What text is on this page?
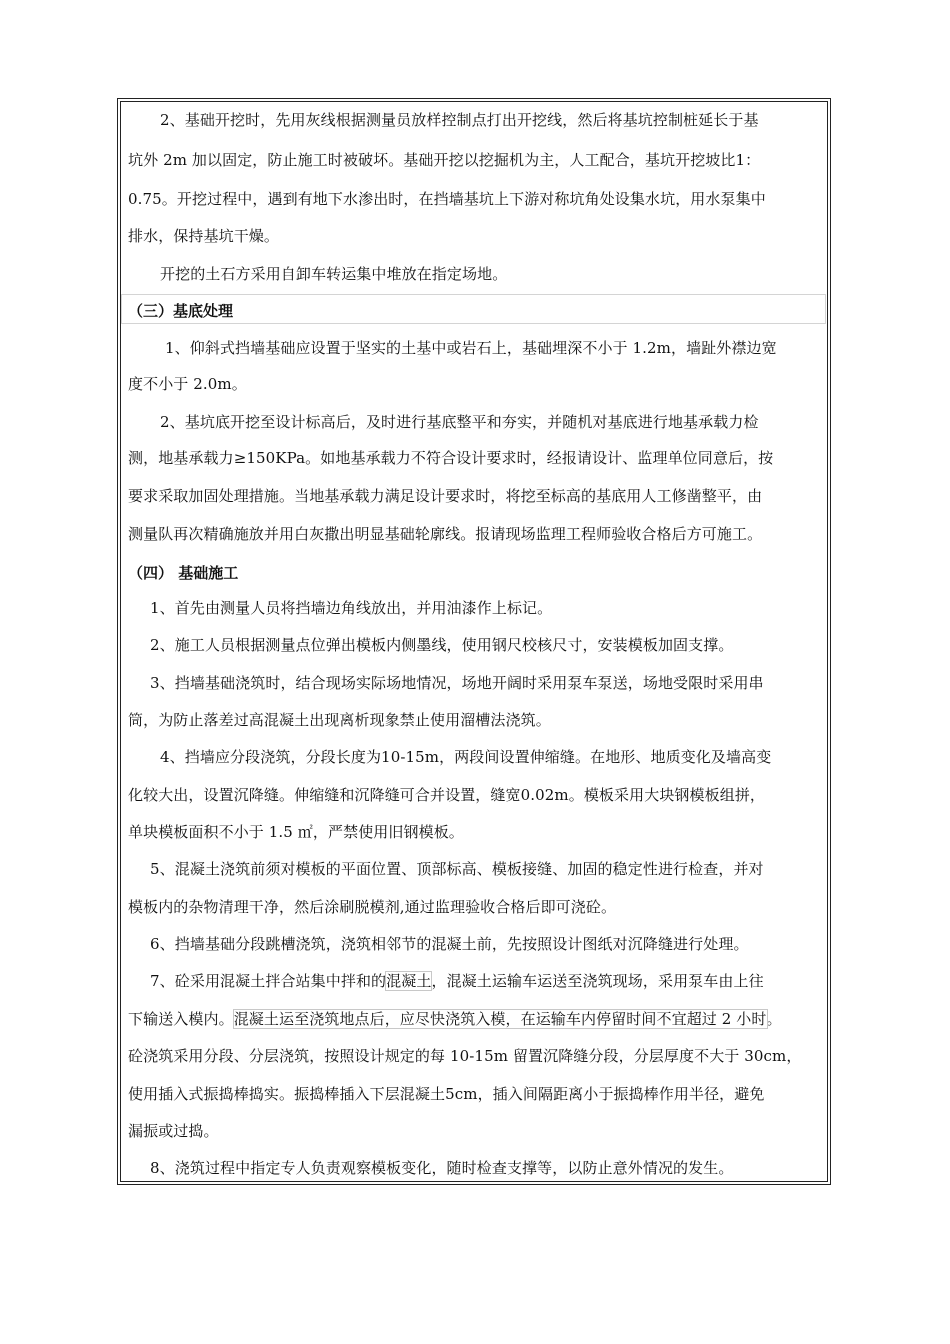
2、基础开挖时，先用灰线根据测量员放样控制点打出开挖线，然后将基坑控制桩延长于基
坑外 2m 加以固定，防止施工时被破坏。基础开挖以挖掘机为主，人工配合，基坑开挖坡比1：
0.75。开挖过程中，遇到有地下水渗出时，在挡墙基坑上下游对称坑角处设集水坑，用水泵集中
排水，保持基坑干燥。
开挖的土石方采用自卸车转运集中堆放在指定场地。
（三）基底处理
1、仰斜式挡墙基础应设置于坚实的土基中或岩石上，基础埋深不小于 1.2m，墙趾外襟边宽
度不小于 2.0m。
2、基坑底开挖至设计标高后，及时进行基底整平和夯实，并随机对基底进行地基承载力检
测，地基承载力≥150KPa。如地基承载力不符合设计要求时，经报请设计、监理单位同意后，按
要求采取加固处理措施。当地基承载力满足设计要求时，将挖至标高的基底用人工修凿整平，由
测量队再次精确施放并用白灰撒出明显基础轮廓线。报请现场监理工程师验收合格后方可施工。
（四） 基础施工
1、首先由测量人员将挡墙边角线放出，并用油漆作上标记。
2、施工人员根据测量点位弹出模板内侧墨线，使用钢尺校核尺寸，安装模板加固支撑。
3、挡墙基础浇筑时，结合现场实际场地情况，场地开阔时采用泵车泵送，场地受限时采用串
筒，为防止落差过高混凝土出现离析现象禁止使用溜槽法浇筑。
4、挡墙应分段浇筑，分段长度为10-15m，两段间设置伸缩缝。在地形、地质变化及墙高变
化较大出，设置沉降缝。伸缩缝和沉降缝可合并设置，缝宽0.02m。模板采用大块钢模板组拼，
单块模板面积不小于 1.5 ㎡，严禁使用旧钢模板。
5、混凝土浇筑前须对模板的平面位置、顶部标高、模板接缝、加固的稳定性进行检查，并对
模板内的杂物清理干净，然后涂刷脱模剂,通过监理验收合格后即可浇砼。
6、挡墙基础分段跳槽浇筑，浇筑相邻节的混凝土前，先按照设计图纸对沉降缝进行处理。
7、砼采用混凝土拌合站集中拌和的混凝土，混凝土运输车运送至浇筑现场，采用泵车由上往
下输送入模内。混凝土运至浇筑地点后，应尽快浇筑入模，在运输车内停留时间不宜超过 2 小时。
砼浇筑采用分段、分层浇筑，按照设计规定的每 10-15m 留置沉降缝分段，分层厚度不大于 30cm，
使用插入式振捣棒捣实。振捣棒插入下层混凝土5cm，插入间隔距离小于振捣棒作用半径，避免
漏振或过捣。
8、浇筑过程中指定专人负责观察模板变化，随时检查支撑等，以防止意外情况的发生。
